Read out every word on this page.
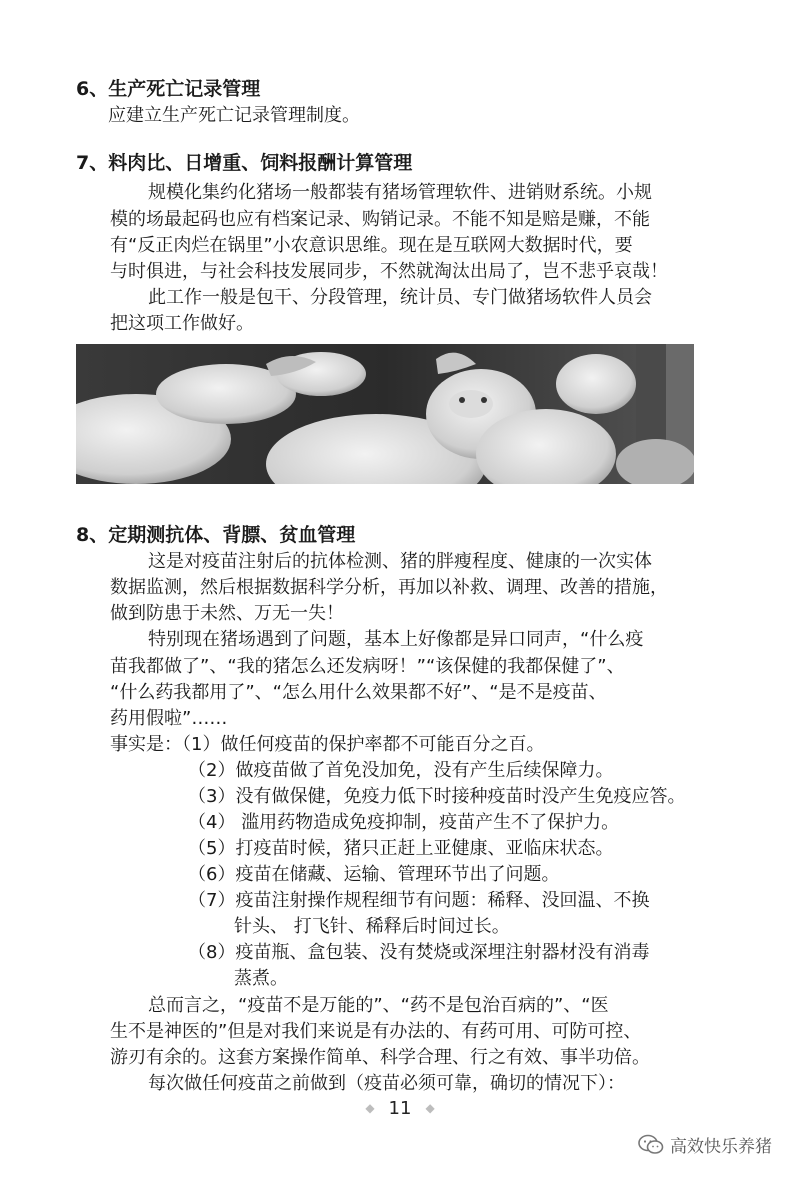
6、生产死亡记录管理
应建立生产死亡记录管理制度。
7、料肉比、日增重、饲料报酬计算管理
规模化集约化猪场一般都装有猪场管理软件、进销财系统。小规
模的场最起码也应有档案记录、购销记录。不能不知是赔是赚，不能
有“反正肉烂在锅里”小农意识思维。现在是互联网大数据时代，要
与时俱进，与社会科技发展同步，不然就淘汰出局了，岂不悲乎哀哉！
此工作一般是包干、分段管理，统计员、专门做猪场软件人员会
把这项工作做好。
8、定期测抗体、背膘、贫血管理
这是对疫苗注射后的抗体检测、猪的胖瘦程度、健康的一次实体
数据监测，然后根据数据科学分析，再加以补救、调理、改善的措施，
做到防患于未然、万无一失！
特别现在猪场遇到了问题，基本上好像都是异口同声，“什么疫
苗我都做了”、“我的猪怎么还发病呀！”“该保健的我都保健了”、
“什么药我都用了”、“怎么用什么效果都不好”、“是不是疫苗、
药用假啦”……
事实是：（1）做任何疫苗的保护率都不可能百分之百。
（2）做疫苗做了首免没加免，没有产生后续保障力。
（3）没有做保健，免疫力低下时接种疫苗时没产生免疫应答。
（4） 滥用药物造成免疫抑制，疫苗产生不了保护力。
（5）打疫苗时候，猪只正赶上亚健康、亚临床状态。
（6）疫苗在储藏、运输、管理环节出了问题。
（7）疫苗注射操作规程细节有问题：稀释、没回温、不换
针头、 打飞针、稀释后时间过长。
（8）疫苗瓶、盒包装、没有焚烧或深埋注射器材没有消毒
蒸煮。
总而言之，“疫苗不是万能的”、“药不是包治百病的”、“医
生不是神医的”但是对我们来说是有办法的、有药可用、可防可控、
游刃有余的。这套方案操作简单、科学合理、行之有效、事半功倍。
每次做任何疫苗之前做到（疫苗必须可靠，确切的情况下）：
◆ 11 ◆
高效快乐养猪
